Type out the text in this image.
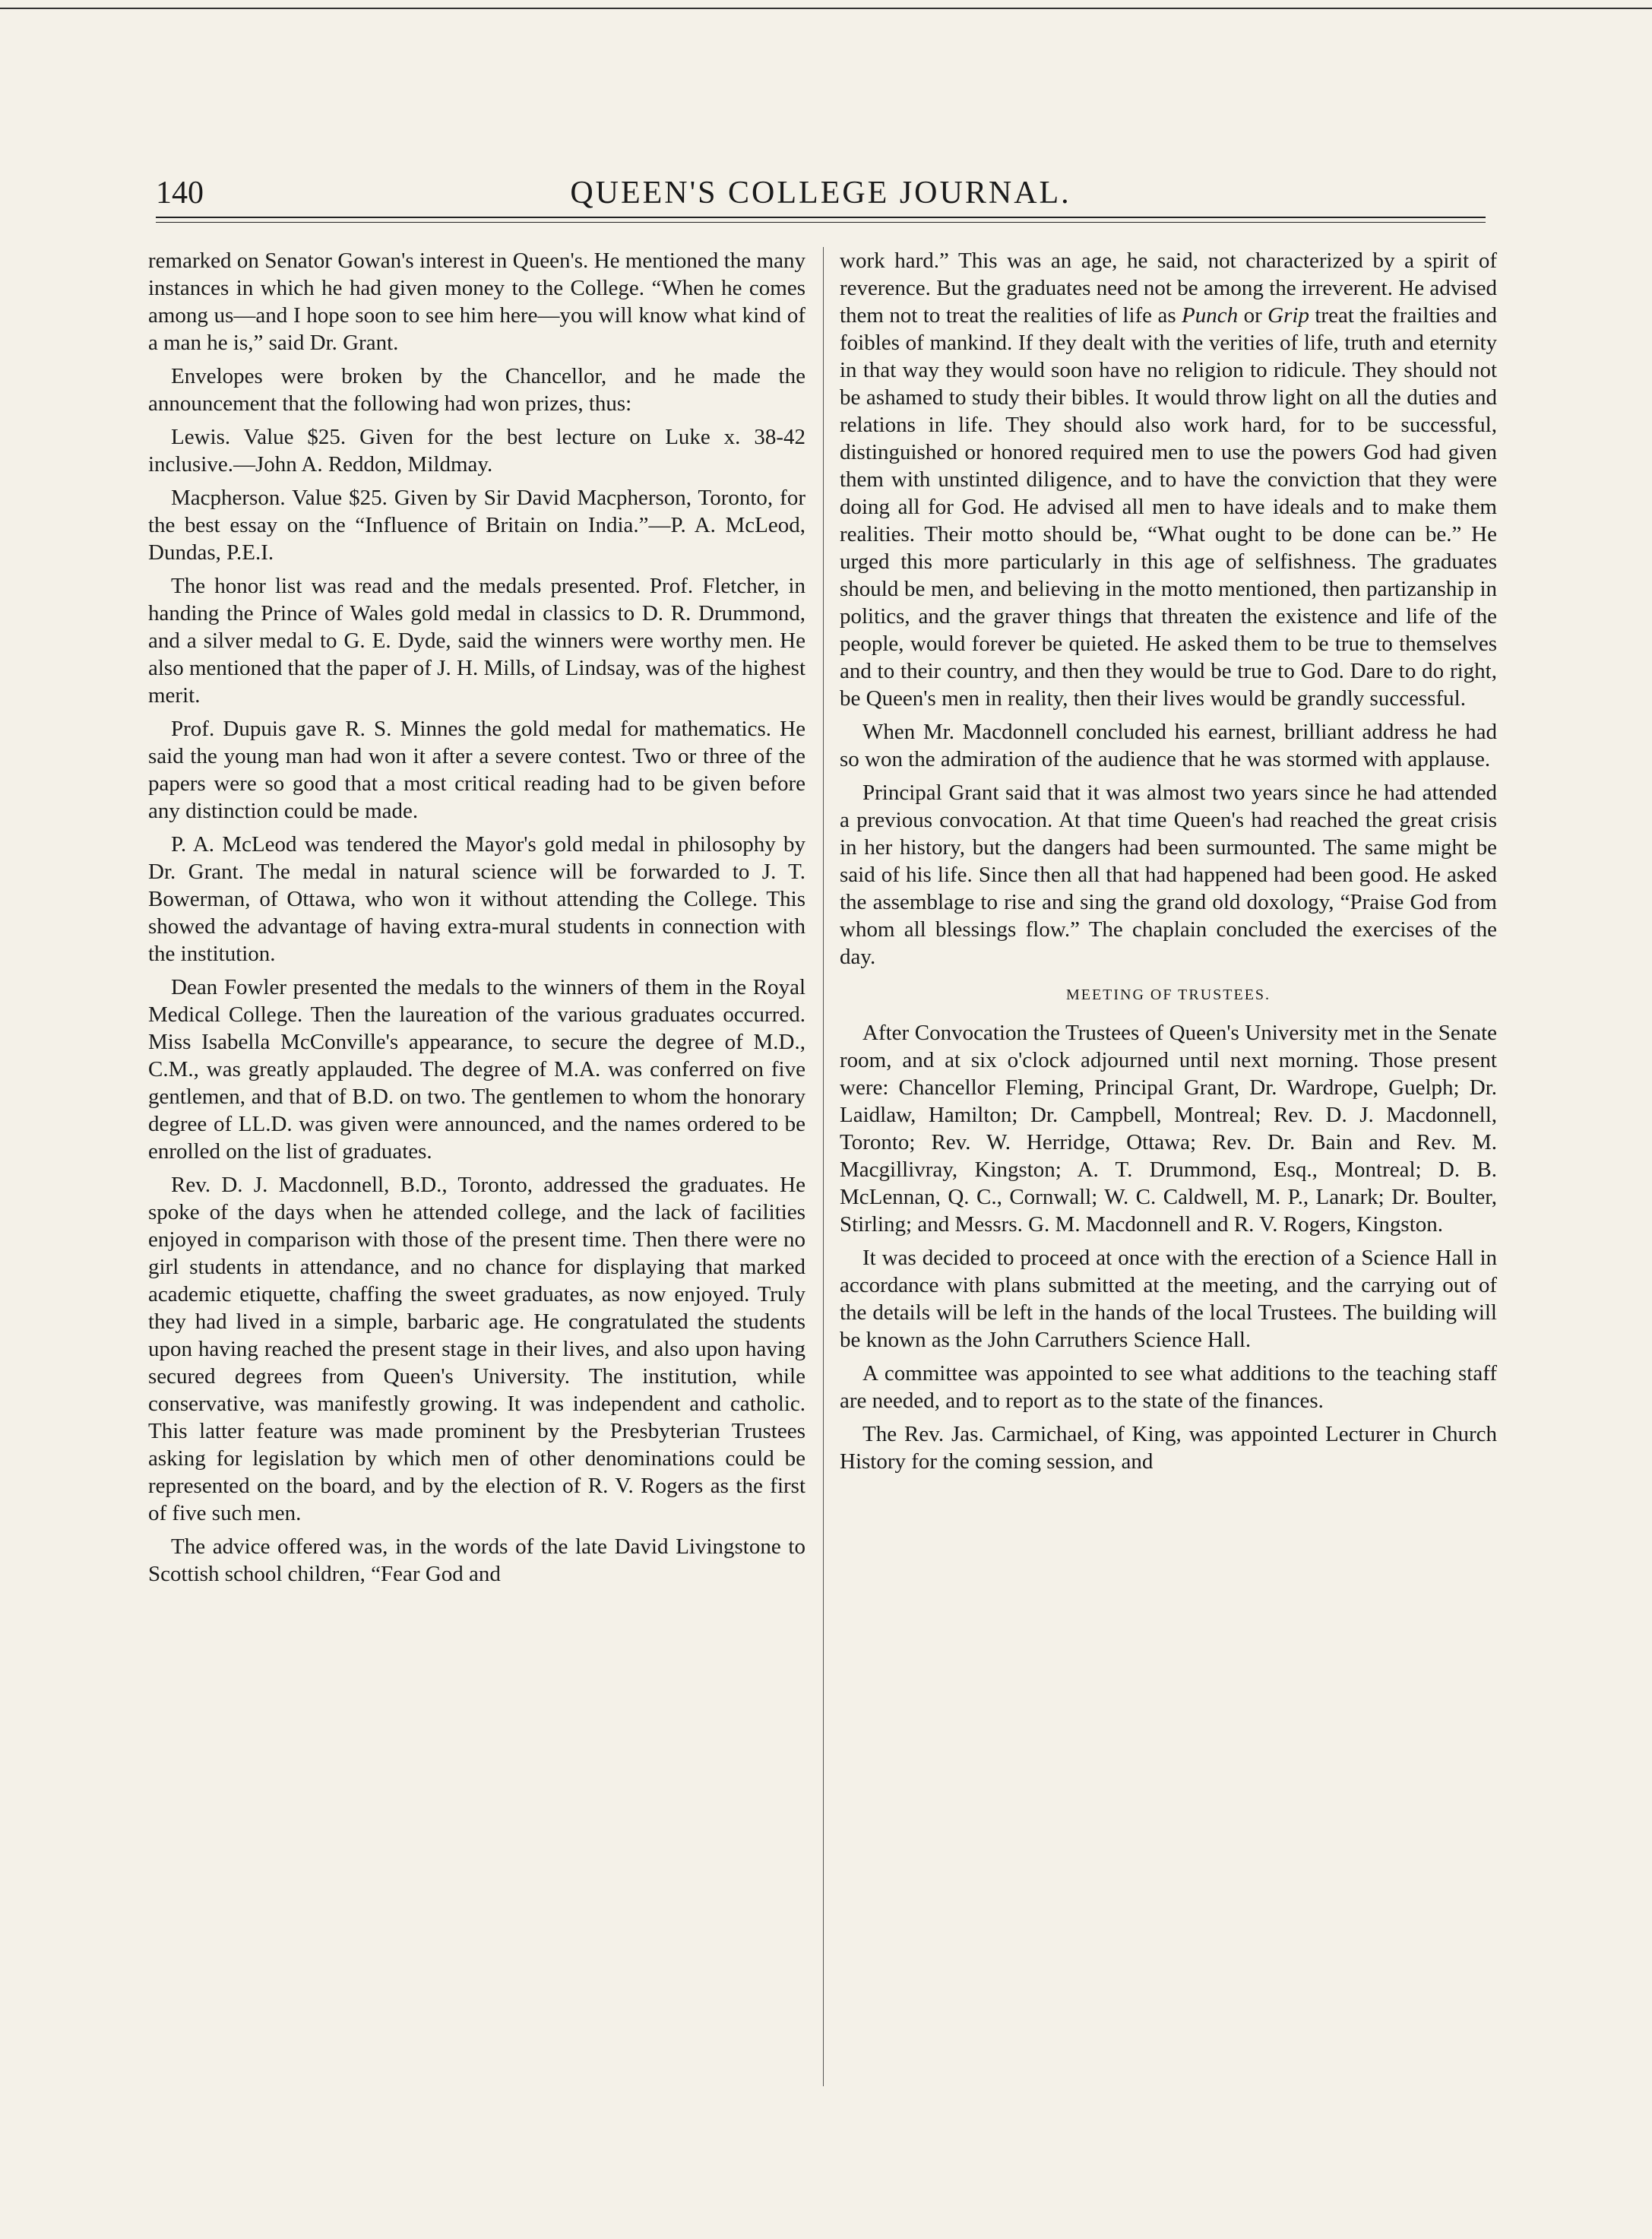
140	QUEEN'S COLLEGE JOURNAL.

remarked on Senator Gowan's interest in Queen's. He mentioned the many instances in which he had given money to the College. “When he comes among us—and I hope soon to see him here—you will know what kind of a man he is,” said Dr. Grant.

Envelopes were broken by the Chancellor, and he made the announcement that the following had won prizes, thus:

Lewis. Value $25. Given for the best lecture on Luke x. 38-42 inclusive.—John A. Reddon, Mildmay.

Macpherson. Value $25. Given by Sir David Macpherson, Toronto, for the best essay on the “Influence of Britain on India.”—P. A. McLeod, Dundas, P.E.I.

The honor list was read and the medals presented. Prof. Fletcher, in handing the Prince of Wales gold medal in classics to D. R. Drummond, and a silver medal to G. E. Dyde, said the winners were worthy men. He also mentioned that the paper of J. H. Mills, of Lindsay, was of the highest merit.

Prof. Dupuis gave R. S. Minnes the gold medal for mathematics. He said the young man had won it after a severe contest. Two or three of the papers were so good that a most critical reading had to be given before any distinction could be made.

P. A. McLeod was tendered the Mayor's gold medal in philosophy by Dr. Grant. The medal in natural science will be forwarded to J. T. Bowerman, of Ottawa, who won it without attending the College. This showed the advantage of having extra-mural students in connection with the institution.

Dean Fowler presented the medals to the winners of them in the Royal Medical College. Then the laureation of the various graduates occurred. Miss Isabella McConville's appearance, to secure the degree of M.D., C.M., was greatly applauded. The degree of M.A. was conferred on five gentlemen, and that of B.D. on two. The gentlemen to whom the honorary degree of LL.D. was given were announced, and the names ordered to be enrolled on the list of graduates.

Rev. D. J. Macdonnell, B.D., Toronto, addressed the graduates. He spoke of the days when he attended college, and the lack of facilities enjoyed in comparison with those of the present time. Then there were no girl students in attendance, and no chance for displaying that marked academic etiquette, chaffing the sweet graduates, as now enjoyed. Truly they had lived in a simple, barbaric age. He congratulated the students upon having reached the present stage in their lives, and also upon having secured degrees from Queen's University. The institution, while conservative, was manifestly growing. It was independent and catholic. This latter feature was made prominent by the Presbyterian Trustees asking for legislation by which men of other denominations could be represented on the board, and by the election of R. V. Rogers as the first of five such men.

The advice offered was, in the words of the late David Livingstone to Scottish school children, “Fear God and

work hard.” This was an age, he said, not characterized by a spirit of reverence. But the graduates need not be among the irreverent. He advised them not to treat the realities of life as Punch or Grip treat the frailties and foibles of mankind. If they dealt with the verities of life, truth and eternity in that way they would soon have no religion to ridicule. They should not be ashamed to study their bibles. It would throw light on all the duties and relations in life. They should also work hard, for to be successful, distinguished or honored required men to use the powers God had given them with unstinted diligence, and to have the conviction that they were doing all for God. He advised all men to have ideals and to make them realities. Their motto should be, “What ought to be done can be.” He urged this more particularly in this age of selfishness. The graduates should be men, and believing in the motto mentioned, then partizanship in politics, and the graver things that threaten the existence and life of the people, would forever be quieted. He asked them to be true to themselves and to their country, and then they would be true to God. Dare to do right, be Queen's men in reality, then their lives would be grandly successful.

When Mr. Macdonnell concluded his earnest, brilliant address he had so won the admiration of the audience that he was stormed with applause.

Principal Grant said that it was almost two years since he had attended a previous convocation. At that time Queen's had reached the great crisis in her history, but the dangers had been surmounted. The same might be said of his life. Since then all that had happened had been good. He asked the assemblage to rise and sing the grand old doxology, “Praise God from whom all blessings flow.” The chaplain concluded the exercises of the day.

MEETING OF TRUSTEES.

After Convocation the Trustees of Queen's University met in the Senate room, and at six o'clock adjourned until next morning. Those present were: Chancellor Fleming, Principal Grant, Dr. Wardrope, Guelph; Dr. Laidlaw, Hamilton; Dr. Campbell, Montreal; Rev. D. J. Macdonnell, Toronto; Rev. W. Herridge, Ottawa; Rev. Dr. Bain and Rev. M. Macgillivray, Kingston; A. T. Drummond, Esq., Montreal; D. B. McLennan, Q. C., Cornwall; W. C. Caldwell, M. P., Lanark; Dr. Boulter, Stirling; and Messrs. G. M. Macdonnell and R. V. Rogers, Kingston.

It was decided to proceed at once with the erection of a Science Hall in accordance with plans submitted at the meeting, and the carrying out of the details will be left in the hands of the local Trustees. The building will be known as the John Carruthers Science Hall.

A committee was appointed to see what additions to the teaching staff are needed, and to report as to the state of the finances.

The Rev. Jas. Carmichael, of King, was appointed Lecturer in Church History for the coming session, and
